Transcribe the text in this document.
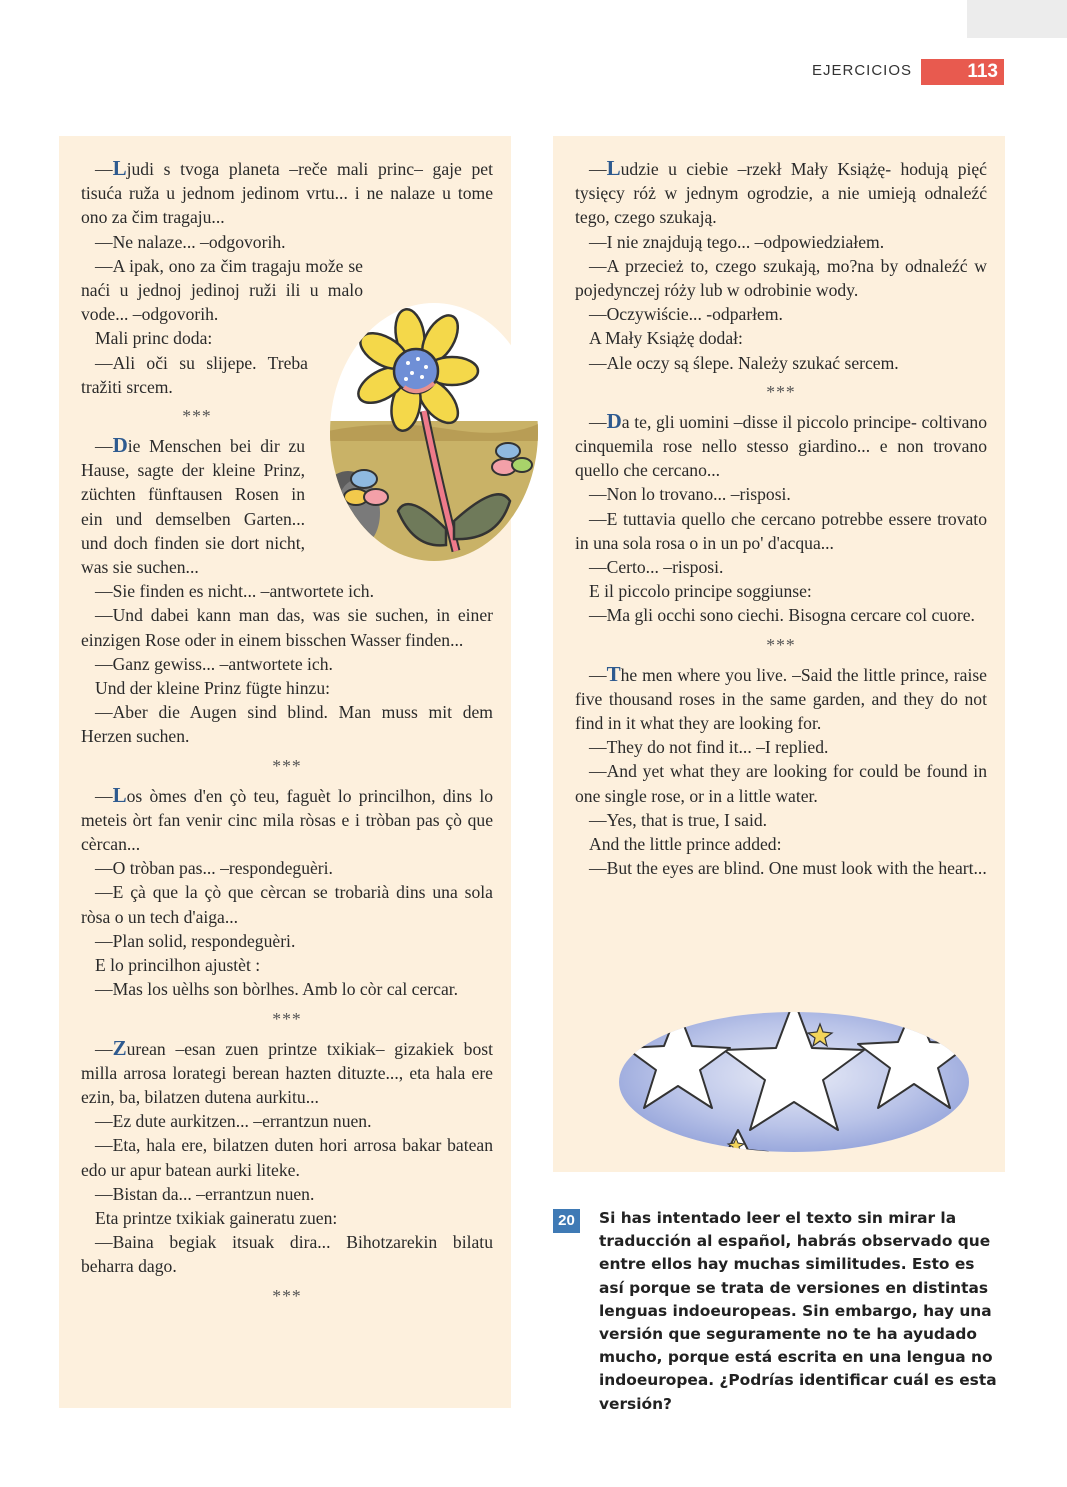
EJERCICIOS	113

—Ljudi s tvoga planeta –reče mali princ– gaje pet tisuća ruža u jednom jedinom vrtu... i ne nalaze u tome ono za čim tragaju...

—Ne nalaze... –odgovorih.

—A ipak, ono za čim tragaju može se naći u jednoj jedinoj ruži ili u malo vode... –odgovorih.

Mali princ doda:

—Ali oči su slijepe. Treba tražiti srcem.

***

—Die Menschen bei dir zu Hause, sagte der kleine Prinz, züchten fünftausen Rosen in ein und demselben Garten... und doch finden sie dort nicht, was sie suchen...

—Sie finden es nicht... –antwortete ich.

—Und dabei kann man das, was sie suchen, in einer einzigen Rose oder in einem bisschen Wasser finden...

—Ganz gewiss... –antwortete ich.

Und der kleine Prinz fügte hinzu:

—Aber die Augen sind blind. Man muss mit dem Herzen suchen.

***

—Los òmes d'en çò teu, faguèt lo princilhon, dins lo meteis òrt fan venir cinc mila ròsas e i tròban pas çò que cèrcan...

—O tròban pas... –respondeguèri.

—E çà que la çò que cèrcan se trobarià dins una sola ròsa o un tech d'aiga...

—Plan solid, respondeguèri.

E lo princilhon ajustèt :

—Mas los uèlhs son bòrlhes. Amb lo còr cal cercar.

***

—Zurean –esan zuen printze txikiak– gizakiek bost milla arrosa lorategi berean hazten dituzte..., eta hala ere ezin, ba, bilatzen dutena aurkitu...

—Ez dute aurkitzen... –errantzun nuen.

—Eta, hala ere, bilatzen duten hori arrosa bakar batean edo ur apur batean aurki liteke.

—Bistan da... –errantzun nuen.

Eta printze txikiak gaineratu zuen:

—Baina begiak itsuak dira... Bihotzarekin bilatu beharra dago.

***

—Ludzie u ciebie –rzekł Mały Książę- hodują pięć tysięcy róż w jednym ogrodzie, a nie umieją odnaleźć tego, czego szukają.

—I nie znajdują tego... –odpowiedziałem.

—A przecież to, czego szukają, mo?na by odnaleźć w pojedynczej róży lub w odrobinie wody.

—Oczywiście... -odparłem.

A Mały Książę dodał:

—Ale oczy są ślepe. Należy szukać sercem.

***

—Da te, gli uomini –disse il piccolo principe- coltivano cinquemila rose nello stesso giardino... e non trovano quello che cercano...

—Non lo trovano... –risposi.

—E tuttavia quello che cercano potrebbe essere trovato in una sola rosa o in un po' d'acqua...

—Certo... –risposi.

E il piccolo principe soggiunse:

—Ma gli occhi sono ciechi. Bisogna cercare col cuore.

***

—The men where you live. –Said the little prince, raise five thousand roses in the same garden, and they do not find in it what they are looking for.

—They do not find it... –I replied.

—And yet what they are looking for could be found in one single rose, or in a little water.

—Yes, that is true, I said.

And the little prince added:

—But the eyes are blind. One must look with the heart...

20	Si has intentado leer el texto sin mirar la traducción al español, habrás observado que entre ellos hay muchas similitudes. Esto es así porque se trata de versiones en distintas lenguas indoeuropeas. Sin embargo, hay una versión que seguramente no te ha ayudado mucho, porque está escrita en una lengua no indoeuropea. ¿Podrías identificar cuál es esta versión?
